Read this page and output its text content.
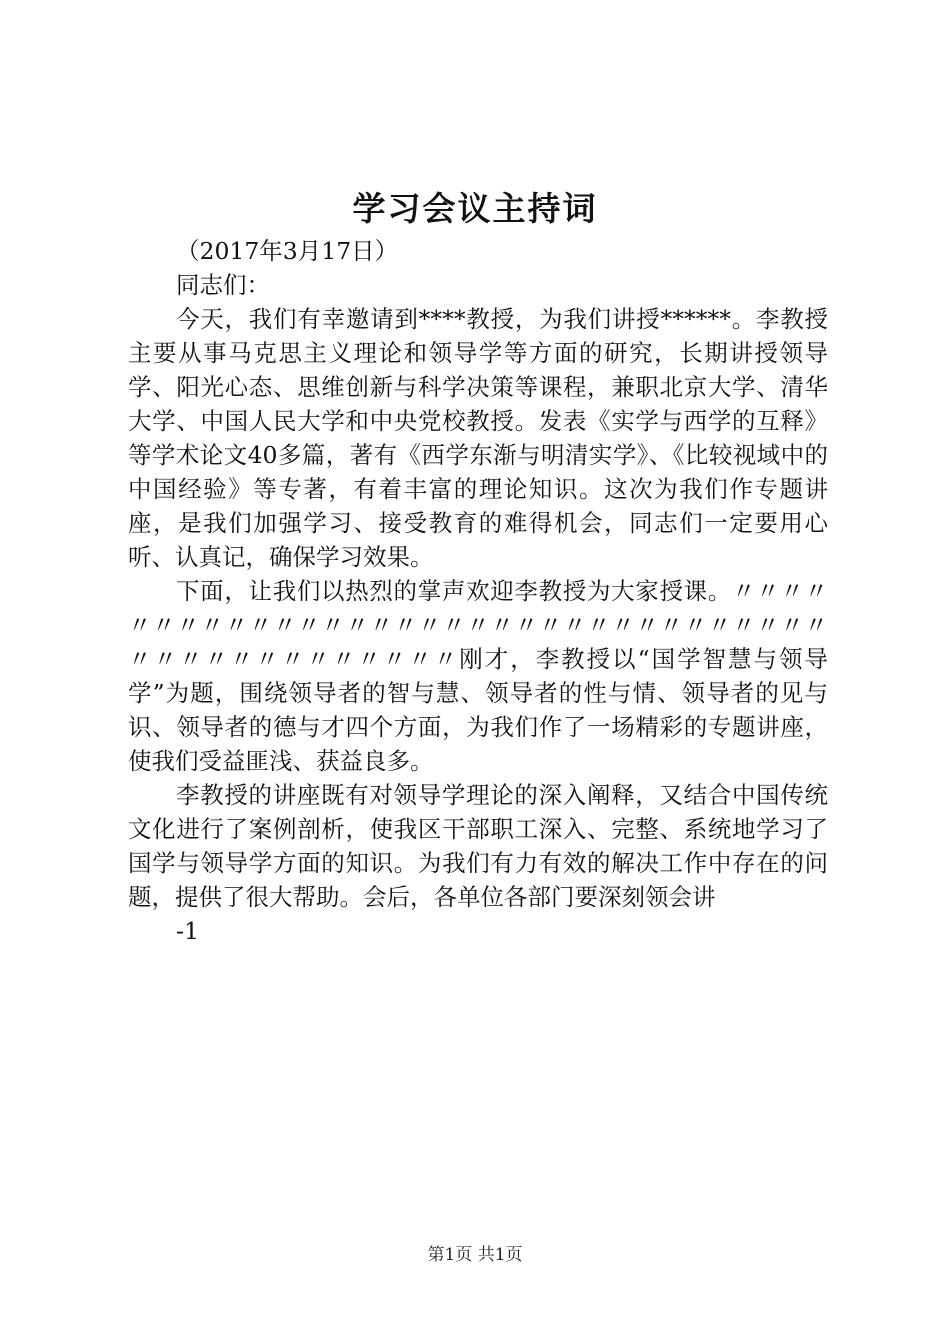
学习会议主持词

（2017年3月17日）

同志们：

今天，我们有幸邀请到****教授，为我们讲授******。李教授主要从事马克思主义理论和领导学等方面的研究，长期讲授领导学、阳光心态、思维创新与科学决策等课程，兼职北京大学、清华大学、中国人民大学和中央党校教授。发表《实学与西学的互释》等学术论文40多篇，著有《西学东渐与明清实学》、《比较视域中的中国经验》等专著，有着丰富的理论知识。这次为我们作专题讲座，是我们加强学习、接受教育的难得机会，同志们一定要用心听、认真记，确保学习效果。

下面，让我们以热烈的掌声欢迎李教授为大家授课。〃〃〃〃〃〃〃〃〃〃〃〃〃〃〃〃〃〃〃〃〃〃〃〃〃〃〃〃〃〃〃〃〃〃〃〃〃〃〃〃〃〃〃〃〃〃刚才，李教授以“国学智慧与领导学”为题，围绕领导者的智与慧、领导者的性与情、领导者的见与识、领导者的德与才四个方面，为我们作了一场精彩的专题讲座，使我们受益匪浅、获益良多。

李教授的讲座既有对领导学理论的深入阐释，又结合中国传统文化进行了案例剖析，使我区干部职工深入、完整、系统地学习了国学与领导学方面的知识。为我们有力有效的解决工作中存在的问题，提供了很大帮助。会后，各单位各部门要深刻领会讲

-1

第1页 共1页
